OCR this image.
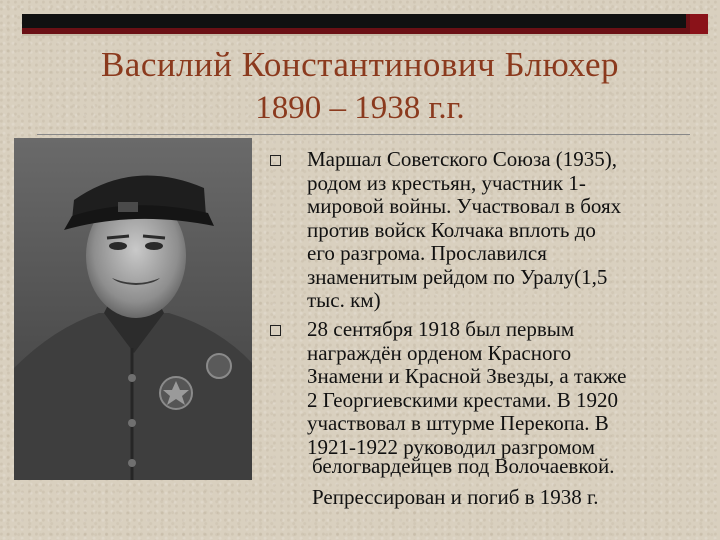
Василий Константинович Блюхер
1890 – 1938 г.г.
Маршал Советского Союза (1935),
родом из крестьян, участник 1-
мировой войны. Участвовал в боях
против войск Колчака вплоть до
его разгрома. Прославился
знаменитым рейдом по Уралу(1,5
тыс. км)
28 сентября 1918 был первым
награждён орденом Красного
Знамени и Красной Звезды, а также
2 Георгиевскими крестами. В 1920
участвовал в штурме Перекопа. В
1921-1922 руководил разгромом
белогвардейцев под Волочаевкой.
Репрессирован и погиб в 1938 г.
